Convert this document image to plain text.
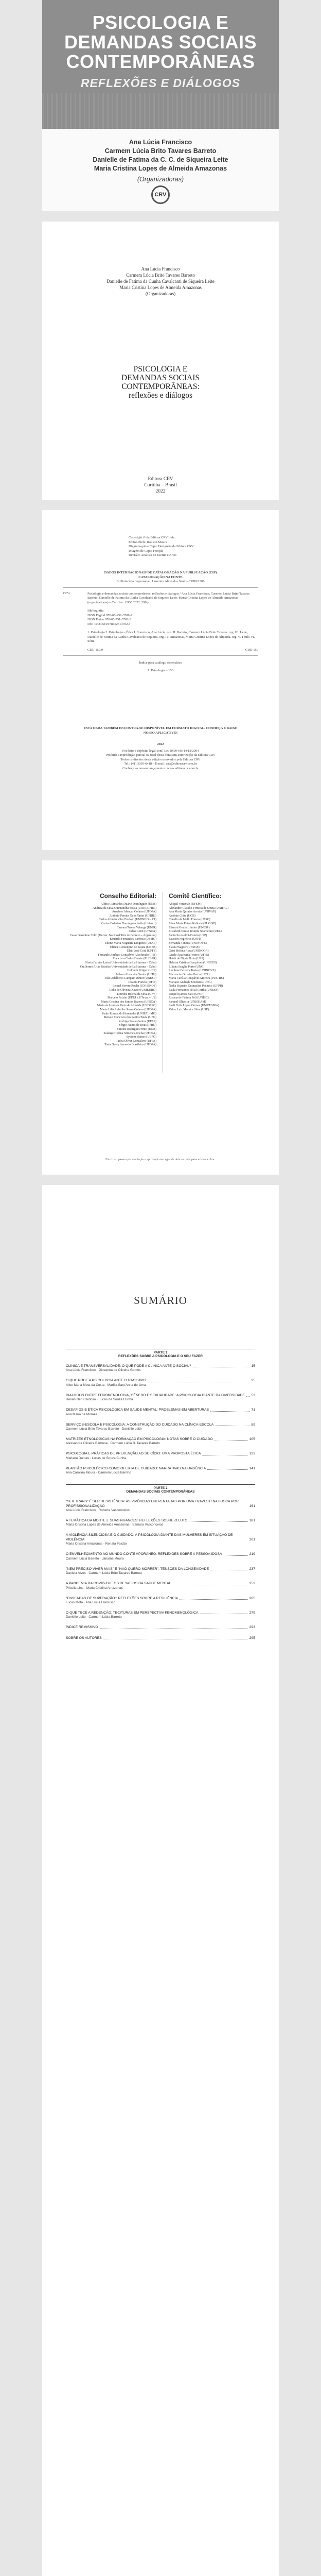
PSICOLOGIA E
DEMANDAS SOCIAIS
CONTEMPORÂNEAS
REFLEXÕES E DIÁLOGOS
Ana Lúcia Francisco
Carmem Lúcia Brito Tavares Barreto
Danielle de Fatima da C. C. de Siqueira Leite
Maria Cristina Lopes de Almeida Amazonas
(Organizadoras)
CRV
Ana Lúcia Francisco
Carmem Lúcia Brito Tavares Barreto
Danielle de Fatima da Cunha Cavalcanti de Siqueira Leite
Maria Cristina Lopes de Almeida Amazonas
(Organizadoras)
PSICOLOGIA E
DEMANDAS SOCIAIS
CONTEMPORÂNEAS:
reflexões e diálogos
Editora CRV
Curitiba – Brasil
2022
Copyright © da Editora CRV Ltda.
Editor-chefe: Railson Moura
Diagramação e Capa: Designers da Editora CRV
Imagem de Capa: Freepik
Revisão: Analista de Escrita e Artes
DADOS INTERNACIONAIS DE CATALOGAÇÃO NA PUBLICAÇÃO (CIP)
CATALOGAÇÃO NA FONTE
Bibliotecária responsável: Luzenira Alves dos Santos CRB9/1506
P974	Psicologia e demandas sociais contemporâneas: reflexões e diálogos / Ana Lúcia Francisco, Carmem Lúcia Brito Tavares Barreto, Danielle de Fatima da Cunha Cavalcanti de Siqueira Leite, Maria Cristina Lopes de Almeida Amazonas (organizadoras) – Curitiba : CRV, 2022. 298 p.
Bibliografia
ISBN Digital 978-65-251-3709-2
ISBN Físico 978-65-251-3702-3
DOI 10.24824/978652513702.3
1. Psicologia 2. Psicologia – Ética I. Francisco, Ana Lúcia. org. II. Barreto, Carmem Lúcia Brito Tavares. org. III. Leite, Danielle de Fatima da Cunha Cavalcanti de Siqueira. org. IV. Amazonas, Maria Cristina Lopes de Almeida. org. V. Título VI. Série.
CDU 159.9	CDD 150
Índice para catálogo sistemático
1. Psicologia – 150
ESTA OBRA TAMBÉM ENCONTRA-SE DISPONÍVEL EM FORMATO DIGITAL. CONHEÇA E BAIXE NOSSO APLICATIVO!
2022
Foi feito o depósito legal conf. Lei 10.994 de 14/12/2004
Proibida a reprodução parcial ou total desta obra sem autorização da Editora CRV
Todos os direitos desta edição reservados pela Editora CRV
Tel.: (41) 3039-6418 – E-mail: sac@editoracrv.com.br
Conheça os nossos lançamentos: www.editoracrv.com.br
Conselho Editorial:
Aldira Guimarães Duarte Domínguez (UNB)
Andréia da Silva Quintanilha Sousa (UNIR/UFRN)
Anselmo Alencar Colares (UFOPA)
Antônio Pereira Gaio Júnior (UFRRJ)
Carlos Alberto Vilar Estêvão (UMINHO – PT)
Carlos Federico Domínguez Avila (Unieuro)
Carmen Tereza Velanga (UNIR)
Celso Conti (UFSCar)
Cesar Gerónimo Tello (Univer. Nacional Três de Febrero – Argentina)
Eduardo Fernandes Barbosa (UFMG)
Elione Maria Nogueira Diogenes (UFAL)
Elizeu Clementino de Souza (UNEB)
Élsio José Corá (UFFS)
Fernando Antônio Gonçalves Alcoforado (IPB)
Francisco Carlos Duarte (PUC-PR)
Gloria Fariñas León (Universidade de La Havana – Cuba)
Guillermo Arias Beatón (Universidade de La Havana – Cuba)
Helmuth Krüger (UCP)
Jailson Alves dos Santos (UFRJ)
João Adalberto Campato Junior (UNESP)
Josania Portela (UFPI)
Leonel Severo Rocha (UNISINOS)
Lídia de Oliveira Xavier (UNIEURO)
Lourdes Helena da Silva (UFV)
Marcelo Paixão (UFRJ e UTexas – US)
Maria Cristina dos Santos Bezerra (UFSCar)
Maria de Lourdes Pinto de Almeida (UNOESC)
Maria Lília Imbiriba Sousa Colares (UFOPA)
Paulo Romualdo Hernandes (UNIFAL-MG)
Renato Francisco dos Santos Paula (UFG)
Rodrigo Pratte-Santos (UFES)
Sérgio Nunes de Jesus (IFRO)
Simone Rodrigues Pinto (UNB)
Solange Helena Ximenes-Rocha (UFOPA)
Sydione Santos (UEPG)
Tadeu Oliver Gonçalves (UFPA)
Tania Suely Azevedo Brasileiro (UFOPA)
Comitê Científico:
Abigail Vaitsman (UFSM)
Alexandre Cláudio Ferreira de Souza (UNIFAL)
Ana Maria Quintas Arruda (UNIVAP)
Antônio Cotta (UCB)
Cláudio de Mello Franco (UFSC)
Edna Maria Peters Kahhale (PUC-SP)
Edward Goulart Júnior (UNESP)
Elizabeth Teresa Brunini Sbardelini (UEL)
Fabio Scorsolini-Comin (USP)
Fauston Negreiros (UFPI)
Fernanda Tannus (UNINOVE)
Flávia Wagner (UFRGS)
Geisi Helena Rosa (UNINCOR)
Gisele Aparecida Aveiro (UFFS)
Haidê de Nigriz Ikuta (USP)
Heloísa Cristina Gonçalves (UNIFEN)
Liliana Scaglia Porto (UNG)
Lucilene Ferreira Tostes (UNINOVE)
Marcos de Oliveira Perim (UCP)
Maria Cecília Gonçalves Moreira (PUC-RS)
Mariane Andrade Medeiros (UFG)
Nadia Siqueira Guimarães Pacheco (UFPB)
Paula Fernandes de Sá Corrêa (UNESP)
Raquel Ramos Zatti (UFOP)
Rosana de Fátima Poli (UNISC)
Samuel Oliveira (UNISUAM)
Sueli Ortiz Lopes Gomes (UNIFESSPA)
Valter Luiz Moreira Silva (USP)
Este livro passou por avaliação e aprovação às cegas de dois ou mais pareceristas ad hoc.
SUMÁRIO
PARTE 1
REFLEXÕES SOBRE A PSICOLOGIA E O SEU FAZER
CLÍNICA E TRANSVERSALIDADE: O QUE PODE A CLÍNICA ANTE O SOCIAL?	15
Ana Lúcia Francisco · Giovanna de Oliveira Gomes
O QUE PODE A PSICOLOGIA ANTE O RACISMO?	35
Alice Maria Mota da Costa · Marília Sant'Anna de Lima
DIALOGOS ENTRE FENOMENOLOGIA, GÊNERO E SEXUALIDADE: A PSICOLOGIA DIANTE DA DIVERSIDADE 53
Renan Neri Cardoso · Lucas de Souza Cunha
DESAFIOS E ÉTICA PSICOLÓGICA EM SAÚDE MENTAL: PROBLEMAS EM ABERTURAS	71
Ana Maria de Moraes
SERVIÇOS-ESCOLA E PSICOLOGIA: A CONSTRUÇÃO DO CUIDADO NA CLÍNICA-ESCOLA	89
Carmem Lúcia Brito Tavares Barreto · Danielle Leite
MATRIZES ETNOLÓGICAS NA FORMAÇÃO EM PSICOLOGIA: NOTAS SOBRE O CUIDADO	105
Alessandra Oliveira Barbosa · Carmem Lúcia B. Tavares Barreto
PSICOLOGIA E PRÁTICAS DE PREVENÇÃO AO SUICÍDIO: UMA PROPOSTA ÉTICA	123
Mariana Dantas · Lucas de Souza Cunha
PLANTÃO PSICOLÓGICO COMO OFERTA DE CUIDADO: NARRATIVAS NA URGÊNCIA	141
Ana Carolina Moura · Carmem Lúcia Barreto
PARTE 2
DEMANDAS SOCIAIS CONTEMPORÂNEAS
"SER TRANS" É SER RESISTÊNCIA: AS VIVÊNCIAS ENFRENTADAS POR UMA TRAVESTI NA BUSCA POR PROFISSIONALIZAÇÃO	161
Ana Lúcia Francisco · Roberta Vasconcelos
A TEMÁTICA DA MORTE E SUAS NUANCES: REFLEXÕES SOBRE O LUTO	181
Maria Cristina Lopes de Almeida Amazonas · Samara Vasconcelos
A VIOLÊNCIA SILENCIOSA E O CUIDADO: A PSICOLOGIA DIANTE DAS MULHERES EM SITUAÇÃO DE VIOLÊNCIA	201
Maria Cristina Amazonas · Renata Falcão
O ENVELHECIMENTO NO MUNDO CONTEMPORÂNEO: REFLEXÕES SOBRE A PESSOA IDOSA	219
Carmem Lúcia Barreto · Janaína Moura
"NEM PRECISO VIVER MAIS" E "NÃO QUERO MORRER": TENSÕES DA LONGEVIDADE	237
Daniela Alves · Carmem Lúcia Brito Tavares Barreto
A PANDEMIA DA COVID-19 E OS DESAFIOS DA SAÚDE MENTAL	253
Priscila Lins · Maria Cristina Amazonas
"ENSEADAS DE SUPERAÇÃO": REFLEXÕES SOBRE A RESILIÊNCIA	265
Lucas Mota · Ana Lúcia Francisco
O QUE TECE A REDENÇÃO: TECITURAS EM PERSPECTIVA FENOMENOLÓGICA	279
Danielle Leite · Carmem Lúcia Barreto
ÍNDICE REMISSIVO	293
SOBRE OS AUTORES	295
